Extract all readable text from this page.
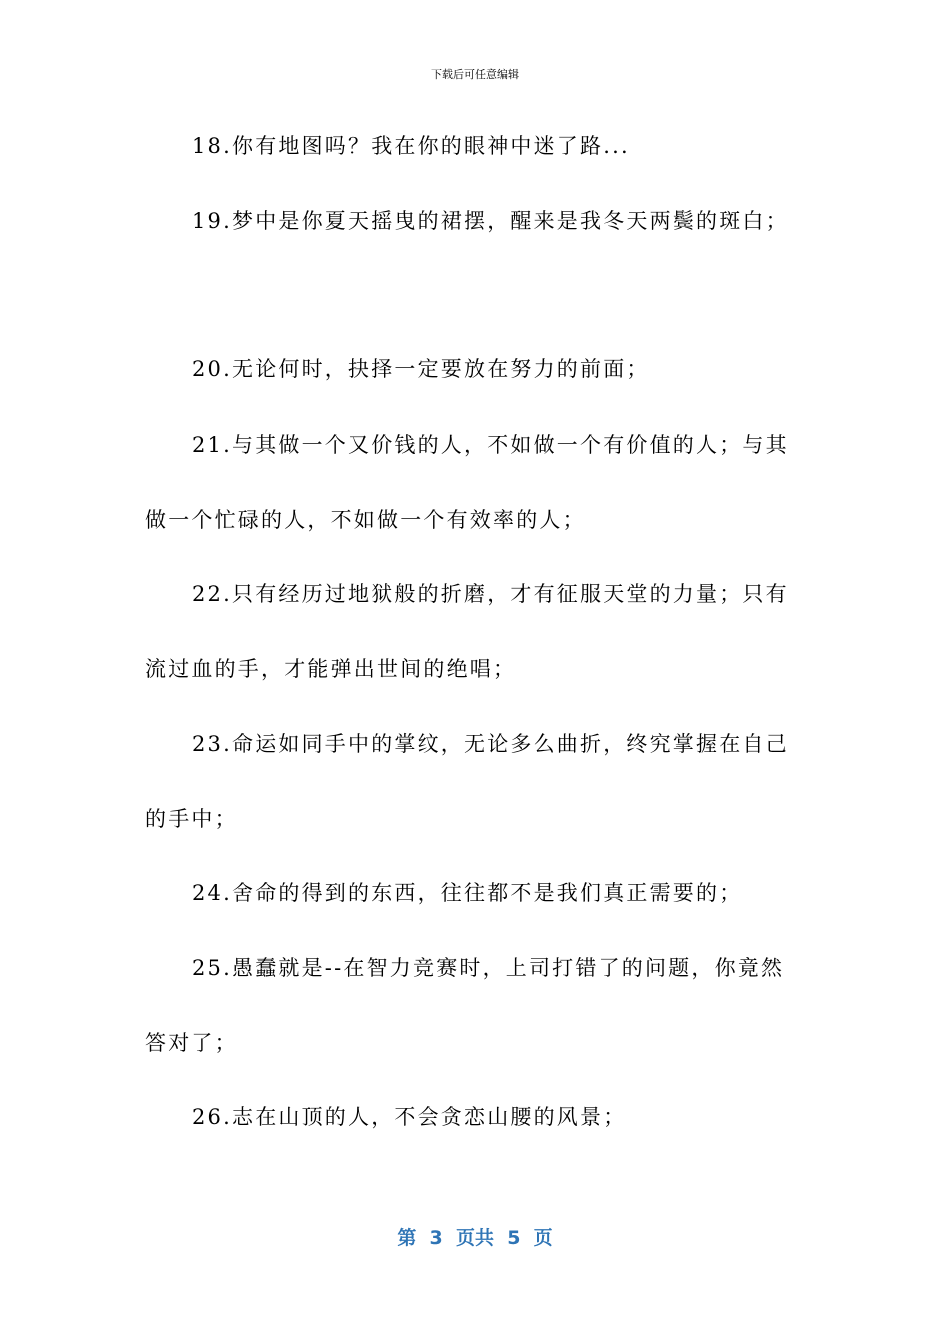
下载后可任意编辑
18.你有地图吗？我在你的眼神中迷了路...
19.梦中是你夏天摇曳的裙摆，醒来是我冬天两鬓的斑白；
20.无论何时，抉择一定要放在努力的前面；
21.与其做一个又价钱的人，不如做一个有价值的人；与其
做一个忙碌的人，不如做一个有效率的人；
22.只有经历过地狱般的折磨，才有征服天堂的力量；只有
流过血的手，才能弹出世间的绝唱；
23.命运如同手中的掌纹，无论多么曲折，终究掌握在自己
的手中；
24.舍命的得到的东西，往往都不是我们真正需要的；
25.愚蠢就是--在智力竞赛时，上司打错了的问题，你竟然
答对了；
26.志在山顶的人，不会贪恋山腰的风景；
第  3  页共  5  页
